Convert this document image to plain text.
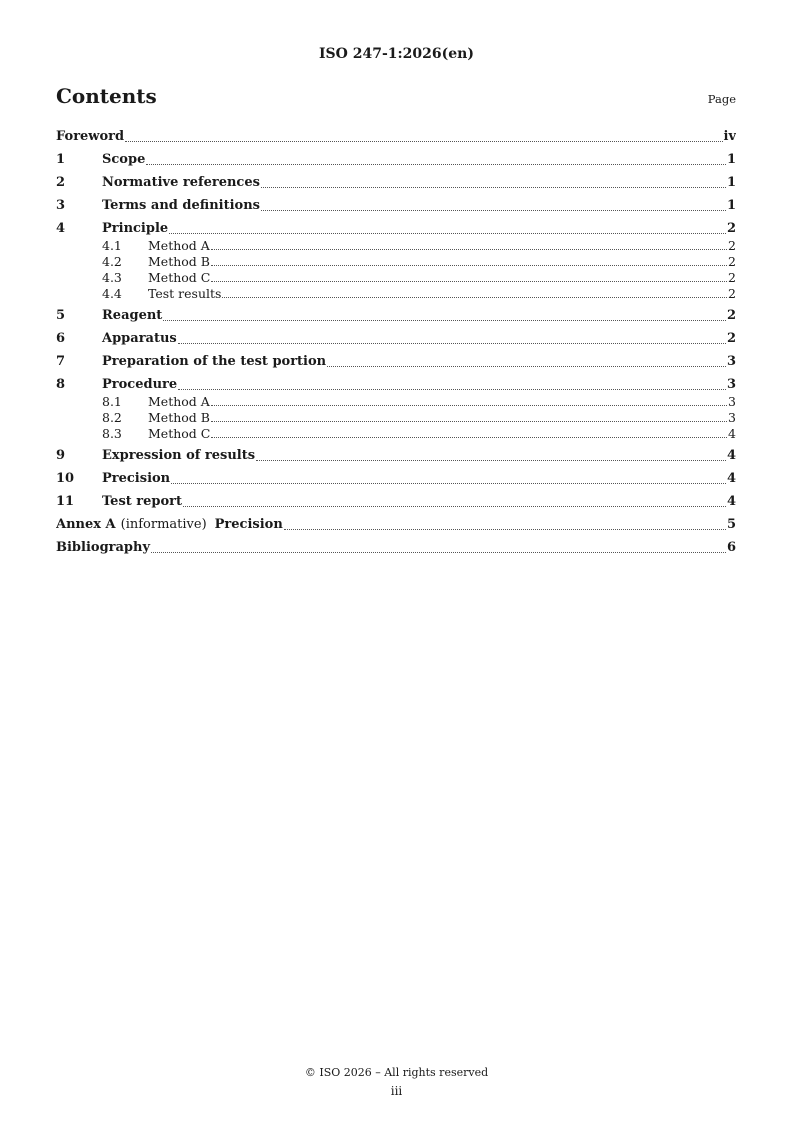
ISO 247-1:2026(en)
Contents	Page
Foreword	iv
1	Scope	1
2	Normative references	1
3	Terms and definitions	1
4	Principle	2
4.1	Method A	2
4.2	Method B	2
4.3	Method C	2
4.4	Test results	2
5	Reagent	2
6	Apparatus	2
7	Preparation of the test portion	3
8	Procedure	3
8.1	Method A	3
8.2	Method B	3
8.3	Method C	4
9	Expression of results	4
10	Precision	4
11	Test report	4
Annex A (informative) Precision	5
Bibliography	6
© ISO 2026 – All rights reserved
iii
